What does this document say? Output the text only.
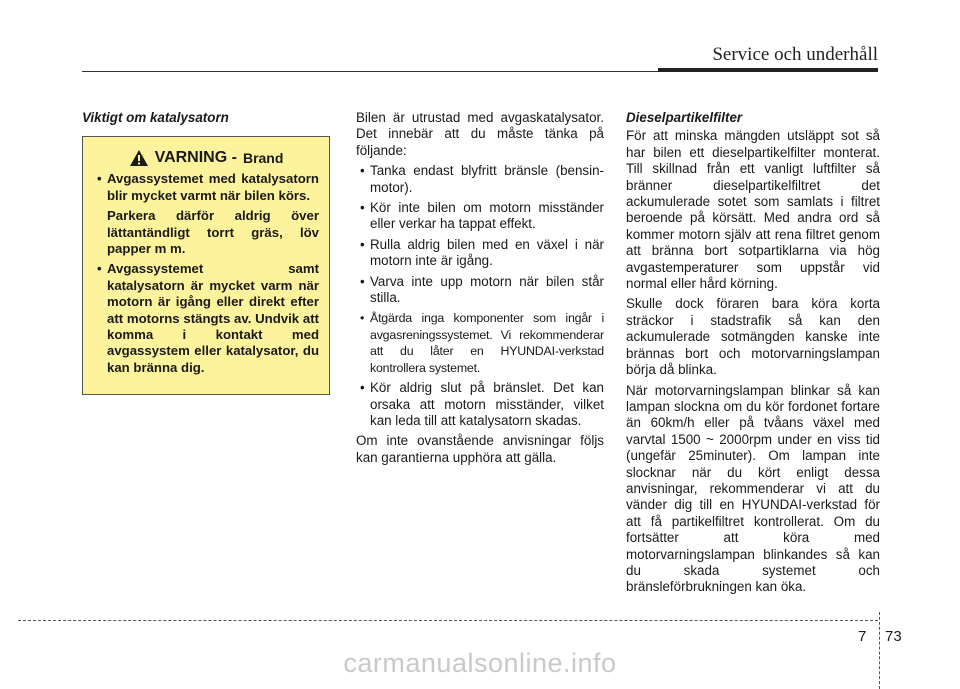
Service och underhåll
Viktigt om katalysatorn
VARNING - Brand
• Avgassystemet med katalysatorn blir mycket varmt när bilen körs.
Parkera därför aldrig över lättantändligt torrt gräs, löv papper m m.
• Avgassystemet samt katalysatorn är mycket varm när motorn är igång eller direkt efter att motorns stängts av. Undvik att komma i kontakt med avgassystem eller katalysator, du kan bränna dig.

Bilen är utrustad med avgaskatalysator. Det innebär att du måste tänka på följande:

• Tanka endast blyfritt bränsle (bensin-motor).
• Kör inte bilen om motorn misständer eller verkar ha tappat effekt.
• Rulla aldrig bilen med en växel i när motorn inte är igång.
• Varva inte upp motorn när bilen står stilla.
• Åtgärda inga komponenter som ingår i avgasreningssystemet. Vi rekommenderar att du låter en HYUNDAI-verkstad kontrollera systemet.
• Kör aldrig slut på bränslet. Det kan orsaka att motorn misständer, vilket kan leda till att katalysatorn skadas.

Om inte ovanstående anvisningar följs kan garantierna upphöra att gälla.

Dieselpartikelfilter

För att minska mängden utsläppt sot så har bilen ett dieselpartikelfilter monterat. Till skillnad från ett vanligt luftfilter så bränner dieselpartikelfiltret det ackumulerade sotet som samlats i filtret beroende på körsätt. Med andra ord så kommer motorn själv att rena filtret genom att bränna bort sotpartiklarna via hög avgastemperaturer som uppstår vid normal eller hård körning.

Skulle dock föraren bara köra korta sträckor i stadstrafik så kan den ackumulerade sotmängden kanske inte brännas bort och motorvarningslampan börja då blinka.

När motorvarningslampan blinkar så kan lampan slockna om du kör fordonet fortare än 60km/h eller på tvåans växel med varvtal 1500 ~ 2000rpm under en viss tid (ungefär 25minuter). Om lampan inte slocknar när du kört enligt dessa anvisningar, rekommenderar vi att du vänder dig till en HYUNDAI-verkstad för att få partikelfiltret kontrollerat. Om du fortsätter att köra med motorvarningslampan blinkandes så kan du skada systemet och bränsleförbrukningen kan öka.

7 73
carmanualsonline.info
